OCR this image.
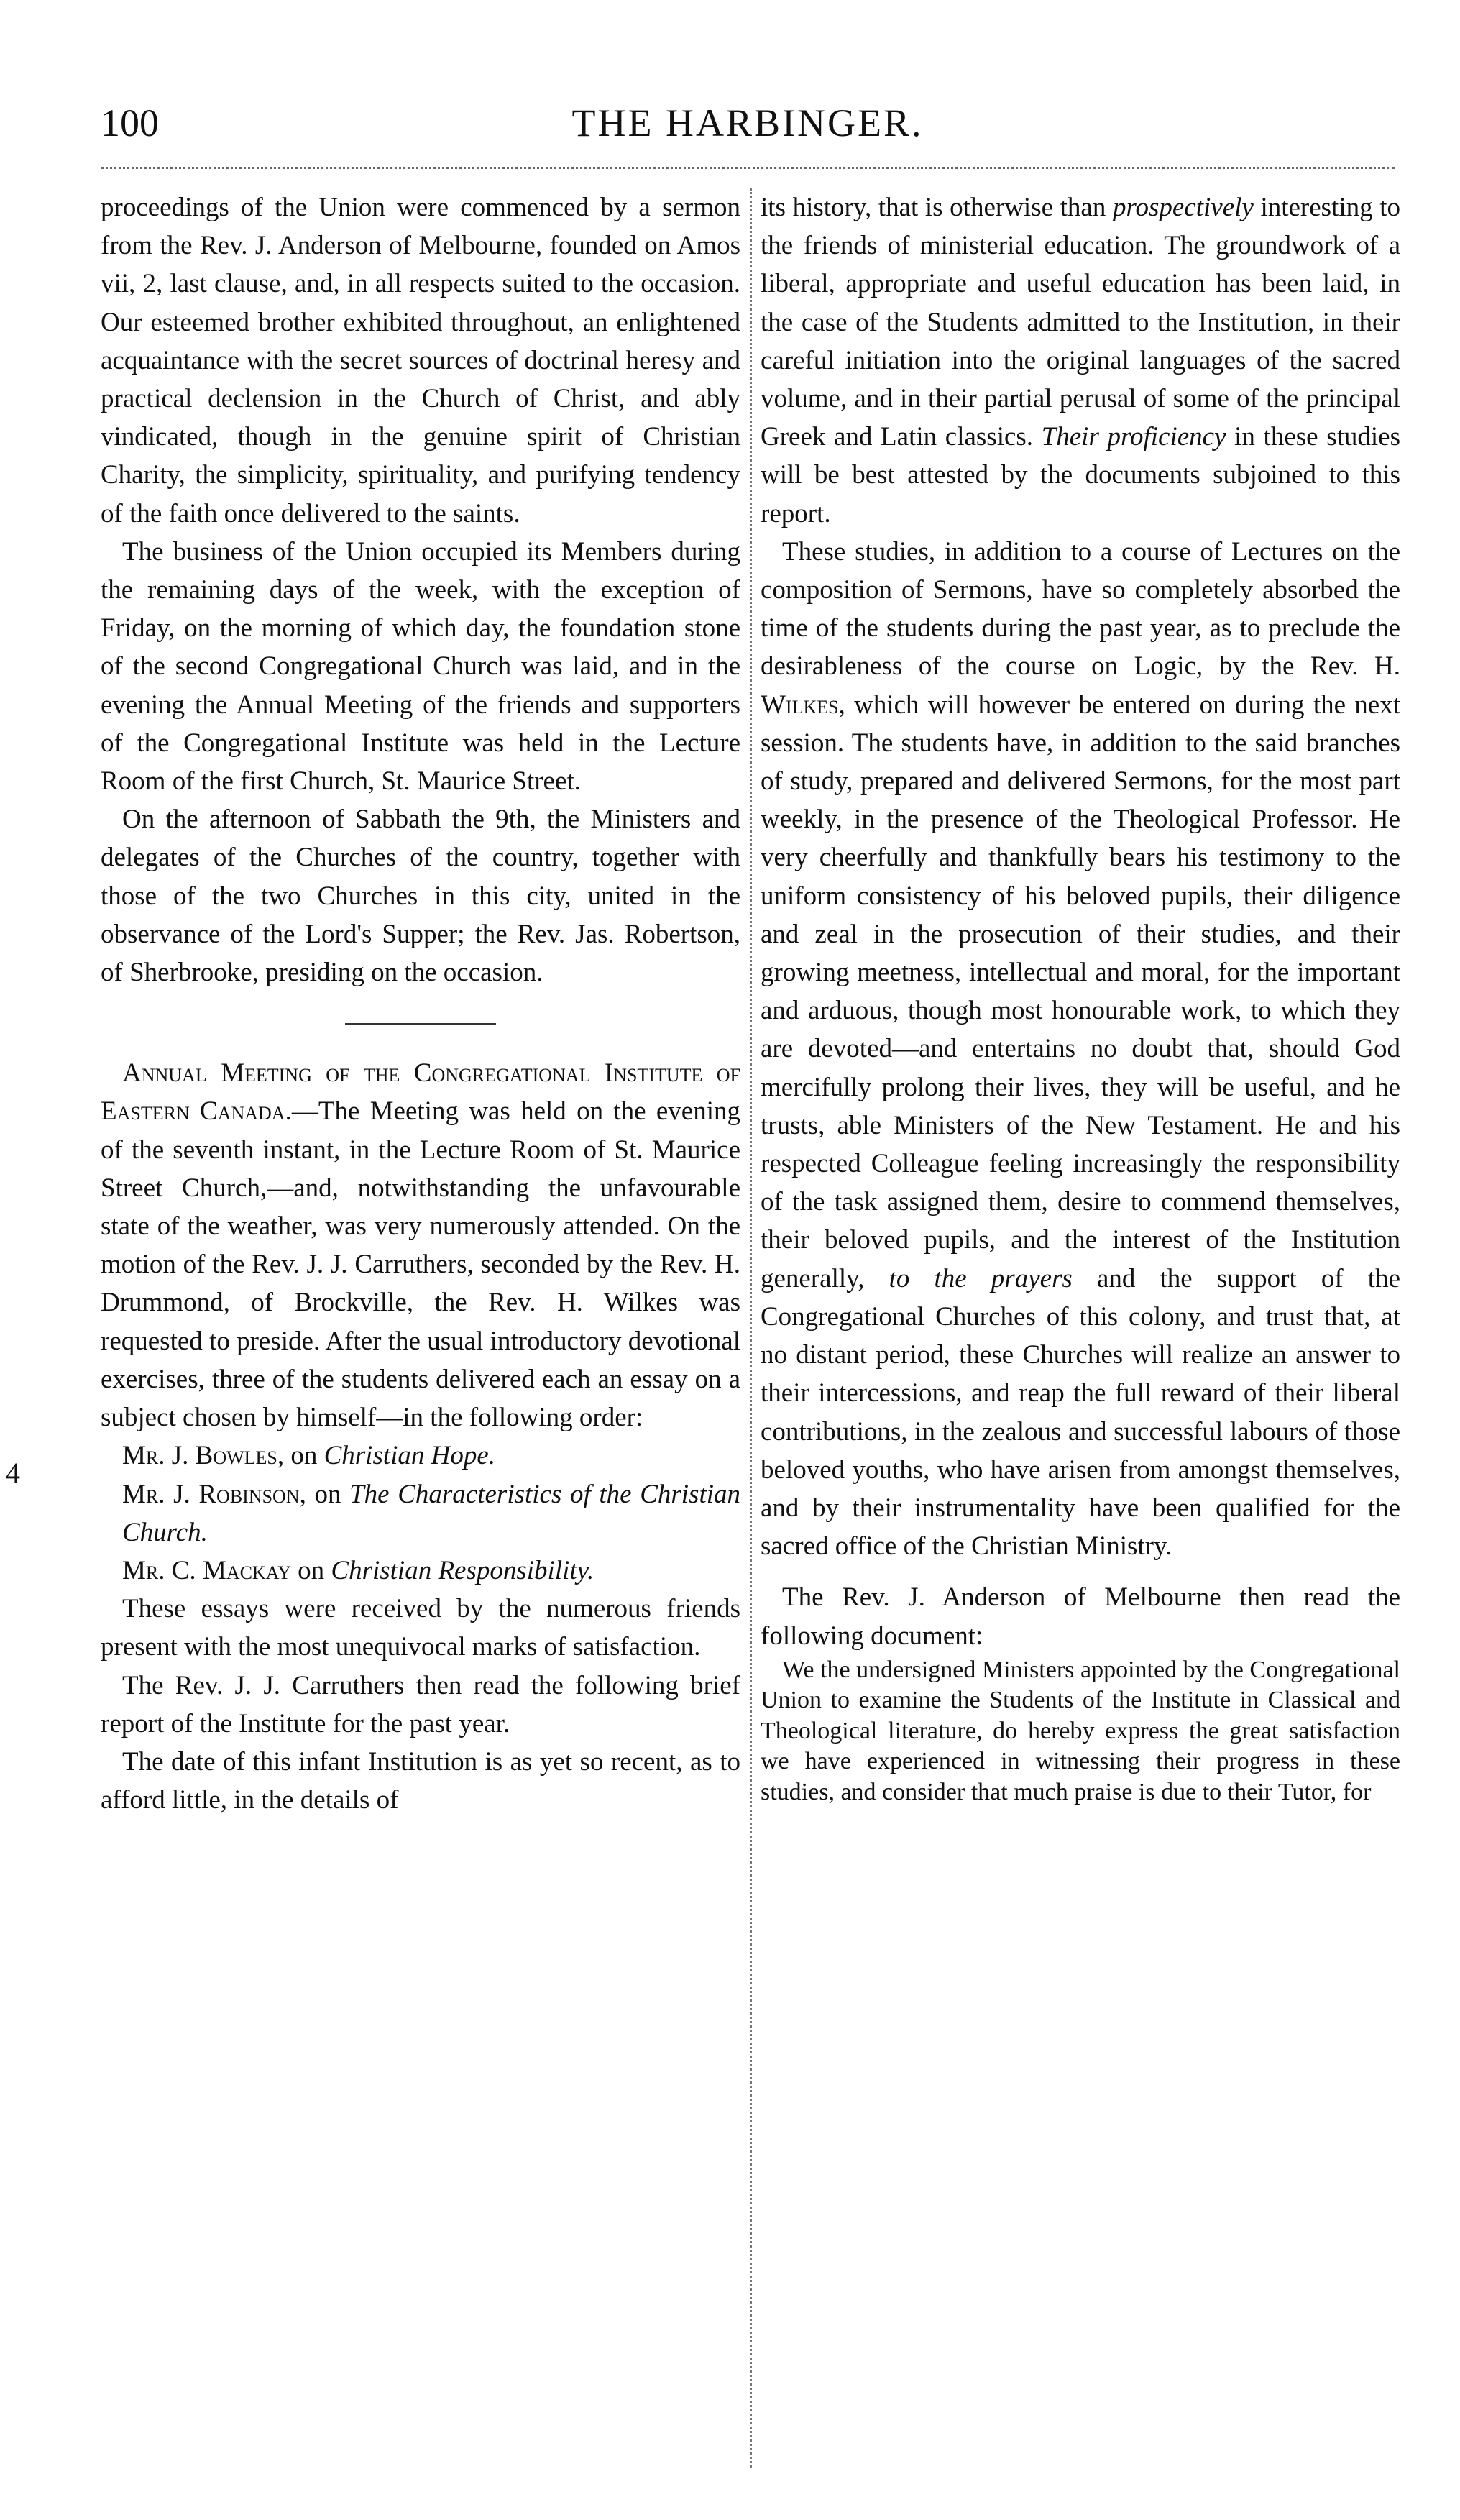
100	THE HARBINGER.
4

proceedings of the Union were commenced by a sermon from the Rev. J. Anderson of Melbourne, founded on Amos vii, 2, last clause, and, in all respects suited to the occasion. Our esteemed brother exhibited throughout, an enlightened acquaintance with the secret sources of doctrinal heresy and practical declension in the Church of Christ, and ably vindicated, though in the genuine spirit of Christian Charity, the simplicity, spirituality, and purifying tendency of the faith once delivered to the saints.

The business of the Union occupied its Members during the remaining days of the week, with the exception of Friday, on the morning of which day, the foundation stone of the second Congregational Church was laid, and in the evening the Annual Meeting of the friends and supporters of the Congregational Institute was held in the Lecture Room of the first Church, St. Maurice Street.

On the afternoon of Sabbath the 9th, the Ministers and delegates of the Churches of the country, together with those of the two Churches in this city, united in the observance of the Lord's Supper; the Rev. Jas. Robertson, of Sherbrooke, presiding on the occasion.

Annual Meeting of the Congregational Institute of Eastern Canada.—The Meeting was held on the evening of the seventh instant, in the Lecture Room of St. Maurice Street Church,—and, notwithstanding the unfavourable state of the weather, was very numerously attended. On the motion of the Rev. J. J. Carruthers, seconded by the Rev. H. Drummond, of Brockville, the Rev. H. Wilkes was requested to preside. After the usual introductory devotional exercises, three of the students delivered each an essay on a subject chosen by himself—in the following order:

Mr. J. Bowles, on Christian Hope.

Mr. J. Robinson, on The Characteristics of the Christian Church.

Mr. C. Mackay on Christian Responsibility.

These essays were received by the numerous friends present with the most unequivocal marks of satisfaction.

The Rev. J. J. Carruthers then read the following brief report of the Institute for the past year.

The date of this infant Institution is as yet so recent, as to afford little, in the details of

its history, that is otherwise than prospectively interesting to the friends of ministerial education. The groundwork of a liberal, appropriate and useful education has been laid, in the case of the Students admitted to the Institution, in their careful initiation into the original languages of the sacred volume, and in their partial perusal of some of the principal Greek and Latin classics. Their proficiency in these studies will be best attested by the documents subjoined to this report.

These studies, in addition to a course of Lectures on the composition of Sermons, have so completely absorbed the time of the students during the past year, as to preclude the desirableness of the course on Logic, by the Rev. H. Wilkes, which will however be entered on during the next session. The students have, in addition to the said branches of study, prepared and delivered Sermons, for the most part weekly, in the presence of the Theological Professor. He very cheerfully and thankfully bears his testimony to the uniform consistency of his beloved pupils, their diligence and zeal in the prosecution of their studies, and their growing meetness, intellectual and moral, for the important and arduous, though most honourable work, to which they are devoted—and entertains no doubt that, should God mercifully prolong their lives, they will be useful, and he trusts, able Ministers of the New Testament. He and his respected Colleague feeling increasingly the responsibility of the task assigned them, desire to commend themselves, their beloved pupils, and the interest of the Institution generally, to the prayers and the support of the Congregational Churches of this colony, and trust that, at no distant period, these Churches will realize an answer to their intercessions, and reap the full reward of their liberal contributions, in the zealous and successful labours of those beloved youths, who have arisen from amongst themselves, and by their instrumentality have been qualified for the sacred office of the Christian Ministry.

The Rev. J. Anderson of Melbourne then read the following document:

We the undersigned Ministers appointed by the Congregational Union to examine the Students of the Institute in Classical and Theological literature, do hereby express the great satisfaction we have experienced in witnessing their progress in these studies, and consider that much praise is due to their Tutor, for
